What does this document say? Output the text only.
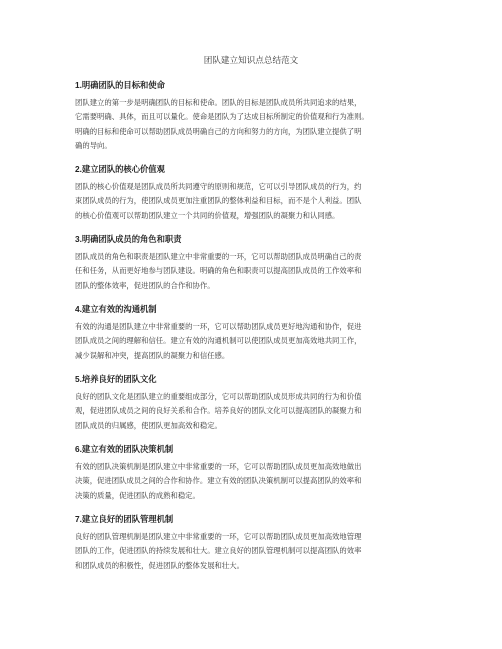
团队建立知识点总结范文
1.明确团队的目标和使命
团队建立的第一步是明确团队的目标和使命。团队的目标是团队成员所共同追求的结果，
它需要明确、具体，而且可以量化。使命是团队为了达成目标所制定的价值观和行为准则。
明确的目标和使命可以帮助团队成员明确自己的方向和努力的方向，为团队建立提供了明
确的导向。
2.建立团队的核心价值观
团队的核心价值观是团队成员所共同遵守的原则和规范，它可以引导团队成员的行为，约
束团队成员的行为，使团队成员更加注重团队的整体利益和目标，而不是个人利益。团队
的核心价值观可以帮助团队建立一个共同的价值观，增强团队的凝聚力和认同感。
3.明确团队成员的角色和职责
团队成员的角色和职责是团队建立中非常重要的一环，它可以帮助团队成员明确自己的责
任和任务，从而更好地参与团队建设。明确的角色和职责可以提高团队成员的工作效率和
团队的整体效率，促进团队的合作和协作。
4.建立有效的沟通机制
有效的沟通是团队建立中非常重要的一环，它可以帮助团队成员更好地沟通和协作，促进
团队成员之间的理解和信任。建立有效的沟通机制可以使团队成员更加高效地共同工作，
减少误解和冲突，提高团队的凝聚力和信任感。
5.培养良好的团队文化
良好的团队文化是团队建立的重要组成部分，它可以帮助团队成员形成共同的行为和价值
观，促进团队成员之间的良好关系和合作。培养良好的团队文化可以提高团队的凝聚力和
团队成员的归属感，使团队更加高效和稳定。
6.建立有效的团队决策机制
有效的团队决策机制是团队建立中非常重要的一环，它可以帮助团队成员更加高效地做出
决策，促进团队成员之间的合作和协作。建立有效的团队决策机制可以提高团队的效率和
决策的质量，促进团队的成熟和稳定。
7.建立良好的团队管理机制
良好的团队管理机制是团队建立中非常重要的一环，它可以帮助团队成员更加高效地管理
团队的工作，促进团队的持续发展和壮大。建立良好的团队管理机制可以提高团队的效率
和团队成员的积极性，促进团队的整体发展和壮大。
